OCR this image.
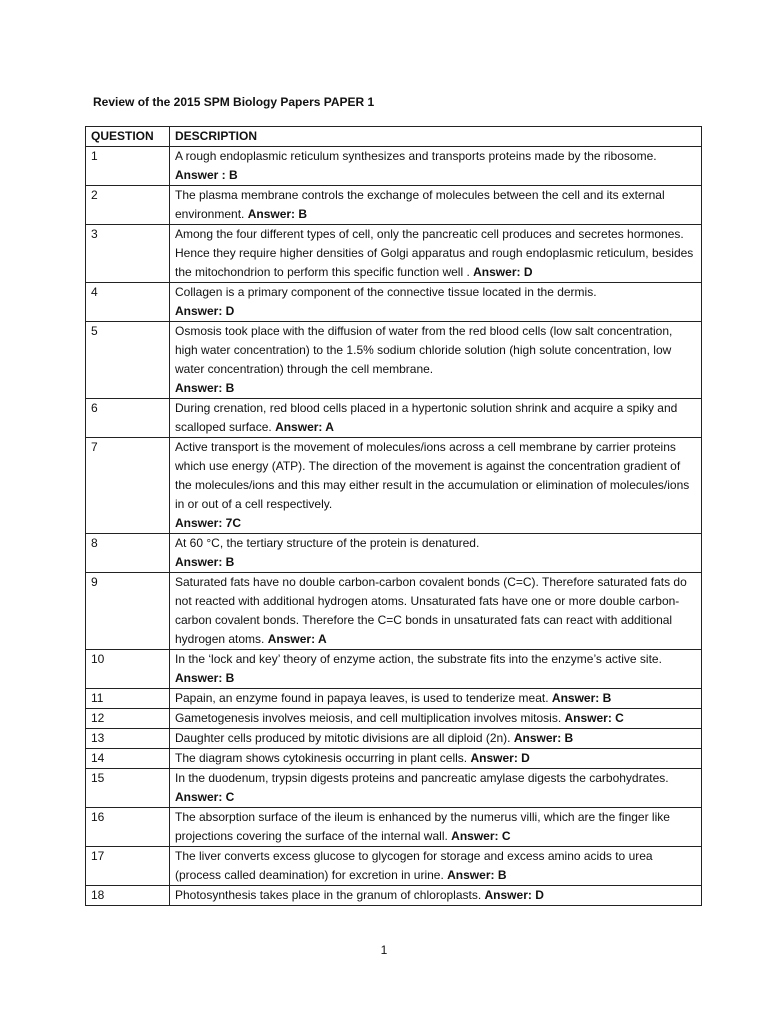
Review of the 2015 SPM Biology Papers PAPER 1
QUESTION	DESCRIPTION
1	A rough endoplasmic reticulum synthesizes and transports proteins made by the ribosome. Answer : B
2	The plasma membrane controls the exchange of molecules between the cell and its external environment. Answer: B
3	Among the four different types of cell, only the pancreatic cell produces and secretes hormones. Hence they require higher densities of Golgi apparatus and rough endoplasmic reticulum, besides the mitochondrion to perform this specific function well . Answer: D
4	Collagen is a primary component of the connective tissue located in the dermis.
Answer: D
5	Osmosis took place with the diffusion of water from the red blood cells (low salt concentration, high water concentration) to the 1.5% sodium chloride solution (high solute concentration, low water concentration) through the cell membrane.
Answer: B
6	During crenation, red blood cells placed in a hypertonic solution shrink and acquire a spiky and scalloped surface. Answer: A
7	Active transport is the movement of molecules/ions across a cell membrane by carrier proteins which use energy (ATP). The direction of the movement is against the concentration gradient of the molecules/ions and this may either result in the accumulation or elimination of molecules/ions in or out of a cell respectively.
Answer: 7C
8	At 60 °C, the tertiary structure of the protein is denatured.
Answer: B
9	Saturated fats have no double carbon-carbon covalent bonds (C=C). Therefore saturated fats do not reacted with additional hydrogen atoms. Unsaturated fats have one or more double carbon-carbon covalent bonds. Therefore the C=C bonds in unsaturated fats can react with additional hydrogen atoms. Answer: A
10	In the ‘lock and key’ theory of enzyme action, the substrate fits into the enzyme’s active site. Answer: B
11	Papain, an enzyme found in papaya leaves, is used to tenderize meat. Answer: B
12	Gametogenesis involves meiosis, and cell multiplication involves mitosis. Answer: C
13	Daughter cells produced by mitotic divisions are all diploid (2n). Answer: B
14	The diagram shows cytokinesis occurring in plant cells. Answer: D
15	In the duodenum, trypsin digests proteins and pancreatic amylase digests the carbohydrates. Answer: C
16	The absorption surface of the ileum is enhanced by the numerus villi, which are the finger like projections covering the surface of the internal wall. Answer: C
17	The liver converts excess glucose to glycogen for storage and excess amino acids to urea (process called deamination) for excretion in urine. Answer: B
18	Photosynthesis takes place in the granum of chloroplasts. Answer: D
1
